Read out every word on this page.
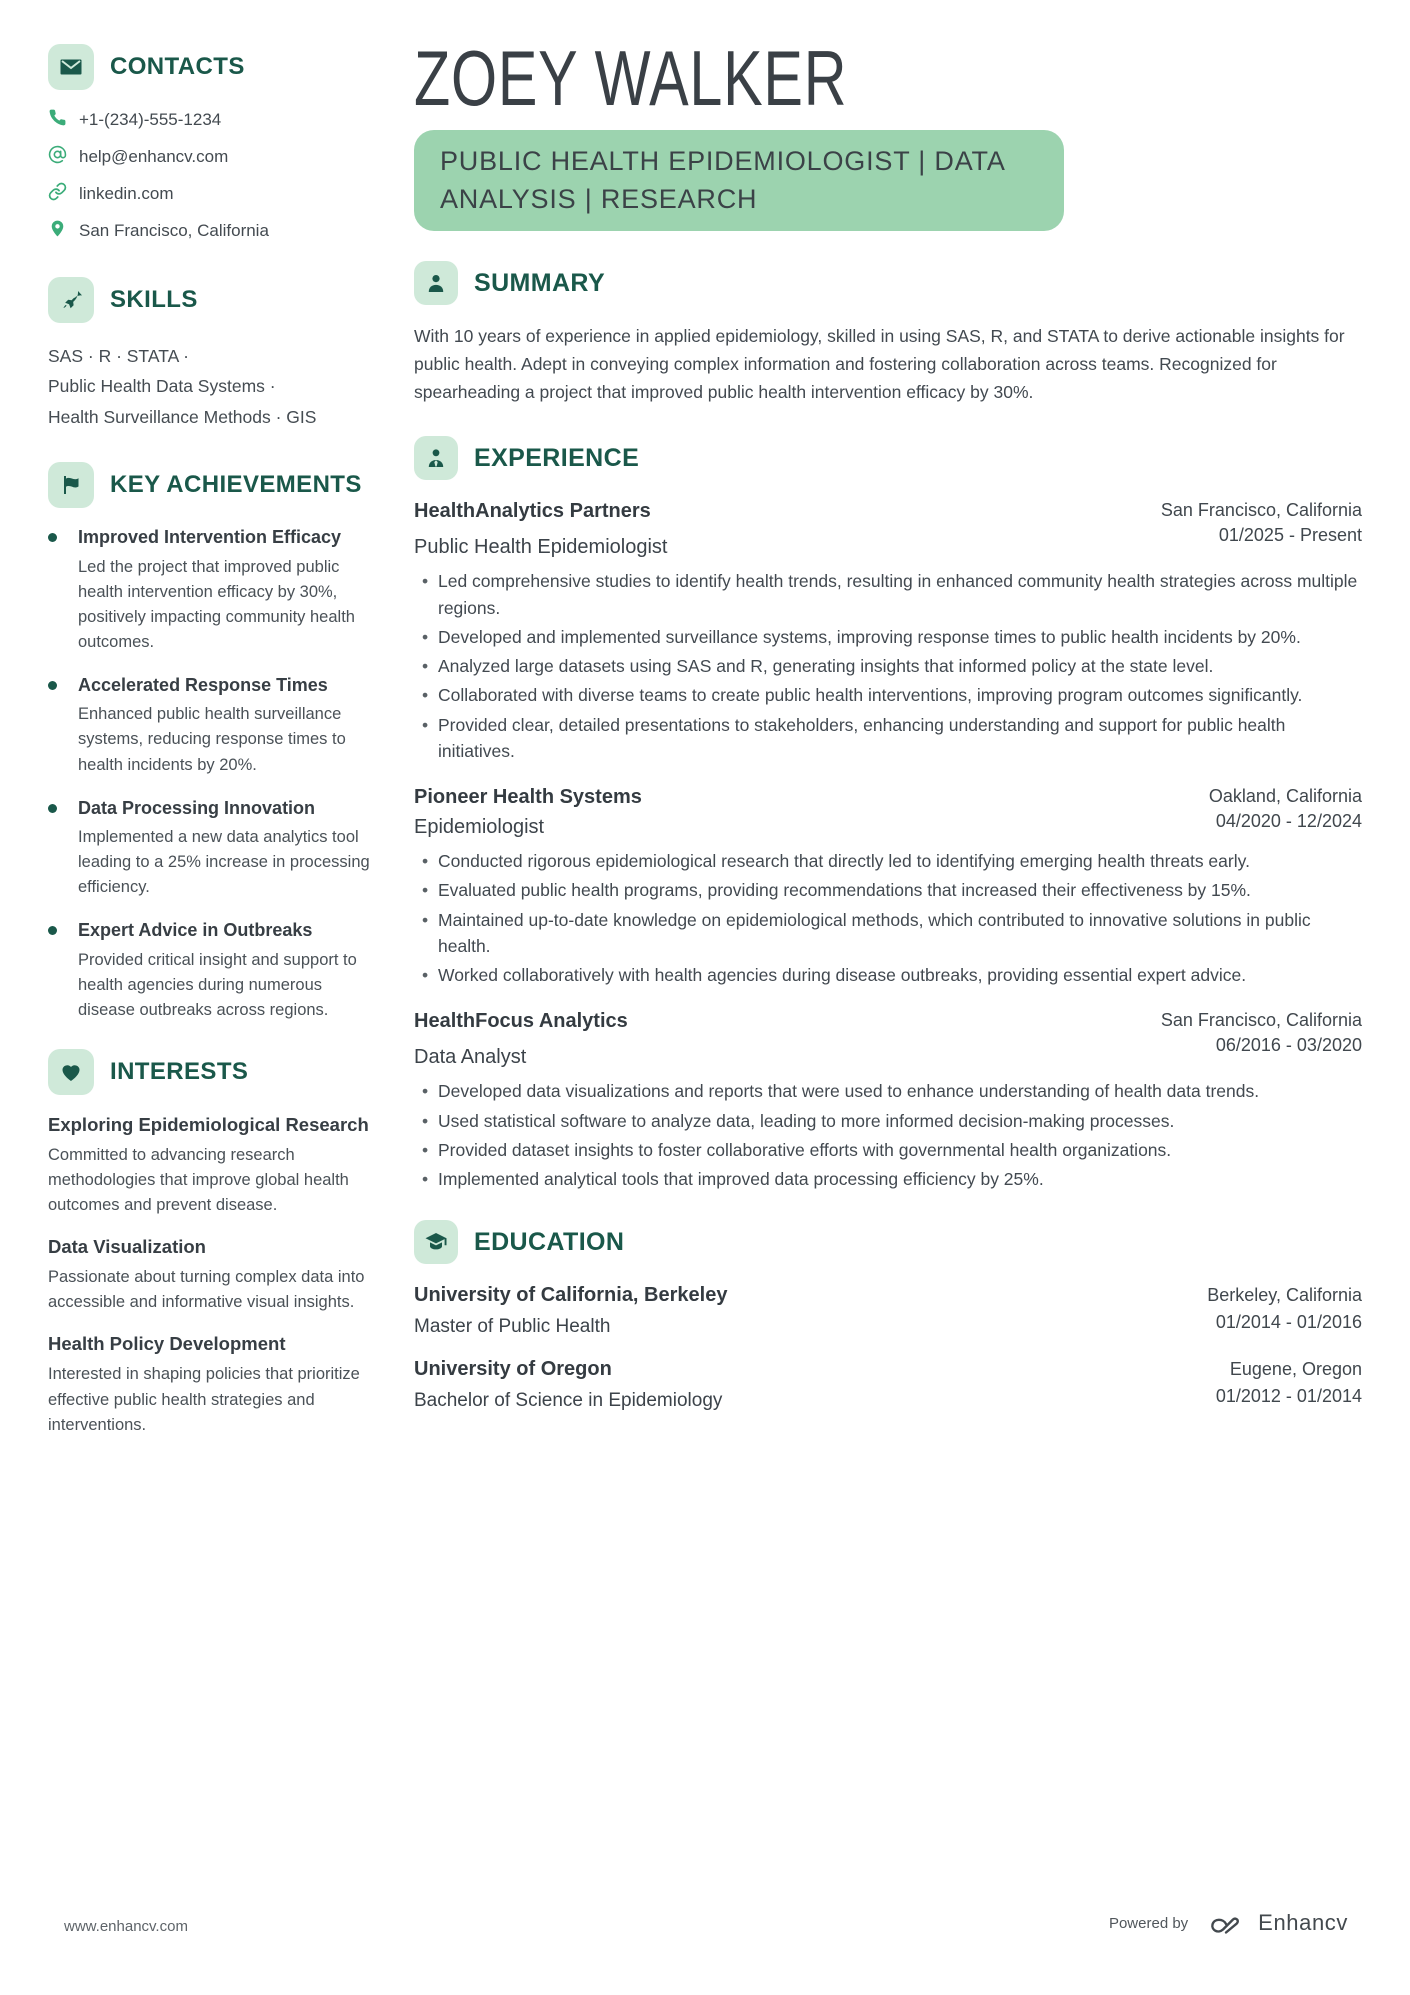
CONTACTS
+1-(234)-555-1234
help@enhancv.com
linkedin.com
San Francisco, California
SKILLS
SAS · R · STATA ·
Public Health Data Systems ·
Health Surveillance Methods · GIS
KEY ACHIEVEMENTS

Improved Intervention Efficacy

Led the project that improved public health intervention efficacy by 30%, positively impacting community health outcomes.

Accelerated Response Times

Enhanced public health surveillance systems, reducing response times to health incidents by 20%.

Data Processing Innovation

Implemented a new data analytics tool leading to a 25% increase in processing efficiency.

Expert Advice in Outbreaks

Provided critical insight and support to health agencies during numerous disease outbreaks across regions.

INTERESTS

Exploring Epidemiological Research

Committed to advancing research methodologies that improve global health outcomes and prevent disease.

Data Visualization

Passionate about turning complex data into accessible and informative visual insights.

Health Policy Development

Interested in shaping policies that prioritize effective public health strategies and interventions.

ZOEY WALKER
PUBLIC HEALTH EPIDEMIOLOGIST | DATA ANALYSIS | RESEARCH
SUMMARY

With 10 years of experience in applied epidemiology, skilled in using SAS, R, and STATA to derive actionable insights for public health. Adept in conveying complex information and fostering collaboration across teams. Recognized for spearheading a project that improved public health intervention efficacy by 30%.

EXPERIENCE
HealthAnalytics Partners
Public Health Epidemiologist
San Francisco, California
01/2025 - Present
• Led comprehensive studies to identify health trends, resulting in enhanced community health strategies across multiple regions.
• Developed and implemented surveillance systems, improving response times to public health incidents by 20%.
• Analyzed large datasets using SAS and R, generating insights that informed policy at the state level.
• Collaborated with diverse teams to create public health interventions, improving program outcomes significantly.
• Provided clear, detailed presentations to stakeholders, enhancing understanding and support for public health initiatives.
Pioneer Health Systems
Epidemiologist
Oakland, California
04/2020 - 12/2024
• Conducted rigorous epidemiological research that directly led to identifying emerging health threats early.
• Evaluated public health programs, providing recommendations that increased their effectiveness by 15%.
• Maintained up-to-date knowledge on epidemiological methods, which contributed to innovative solutions in public health.
• Worked collaboratively with health agencies during disease outbreaks, providing essential expert advice.
HealthFocus Analytics
Data Analyst
San Francisco, California
06/2016 - 03/2020
• Developed data visualizations and reports that were used to enhance understanding of health data trends.
• Used statistical software to analyze data, leading to more informed decision-making processes.
• Provided dataset insights to foster collaborative efforts with governmental health organizations.
• Implemented analytical tools that improved data processing efficiency by 25%.
EDUCATION
University of California, Berkeley
Master of Public Health
Berkeley, California
01/2014 - 01/2016
University of Oregon
Bachelor of Science in Epidemiology
Eugene, Oregon
01/2012 - 01/2014
www.enhancv.com	Powered by	Enhancv
